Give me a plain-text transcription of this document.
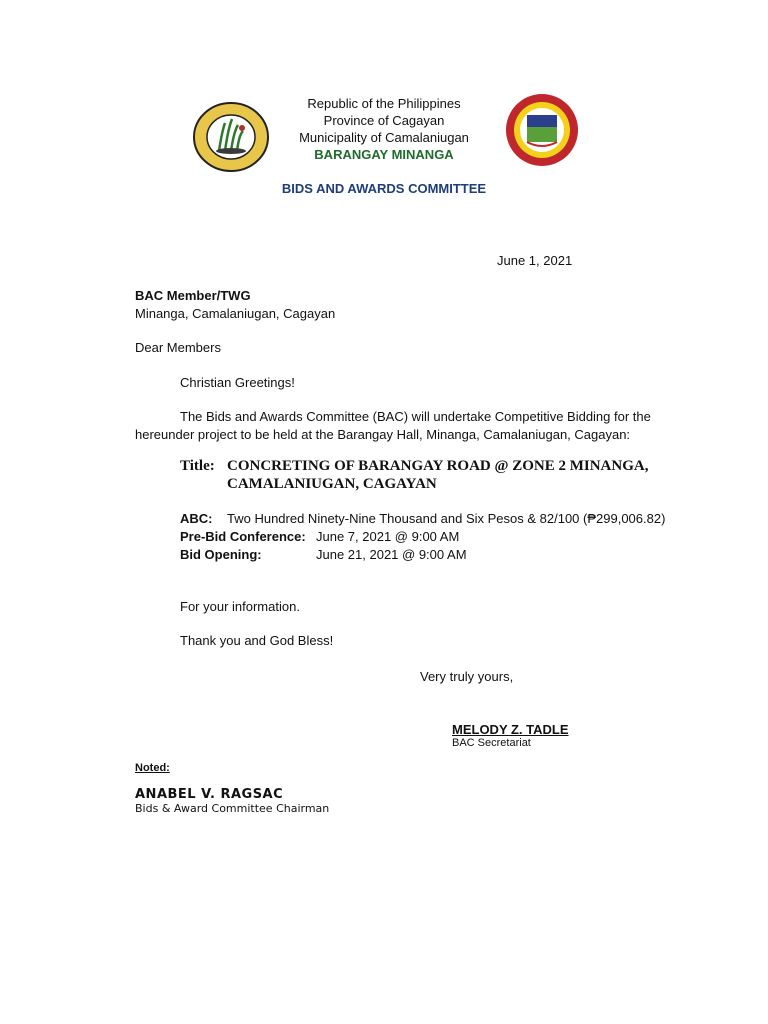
Republic of the Philippines
Province of Cagayan
Municipality of Camalaniugan
BARANGAY MINANGA
BIDS AND AWARDS COMMITTEE
June 1, 2021
BAC Member/TWG
Minanga, Camalaniugan, Cagayan
Dear Members
Christian Greetings!
The Bids and Awards Committee (BAC) will undertake Competitive Bidding for the
hereunder project to be held at the Barangay Hall, Minanga, Camalaniugan, Cagayan:
Title: CONCRETING OF BARANGAY ROAD @ ZONE 2 MINANGA,
CAMALANIUGAN, CAGAYAN
ABC: Two Hundred Ninety-Nine Thousand and Six Pesos & 82/100 (₱299,006.82)
Pre-Bid Conference: June 7, 2021 @ 9:00 AM
Bid Opening:	June 21, 2021 @ 9:00 AM
For your information.
Thank you and God Bless!
Very truly yours,
MELODY Z. TADLE
BAC Secretariat
Noted:
ANABEL V. RAGSAC
Bids & Award Committee Chairman
